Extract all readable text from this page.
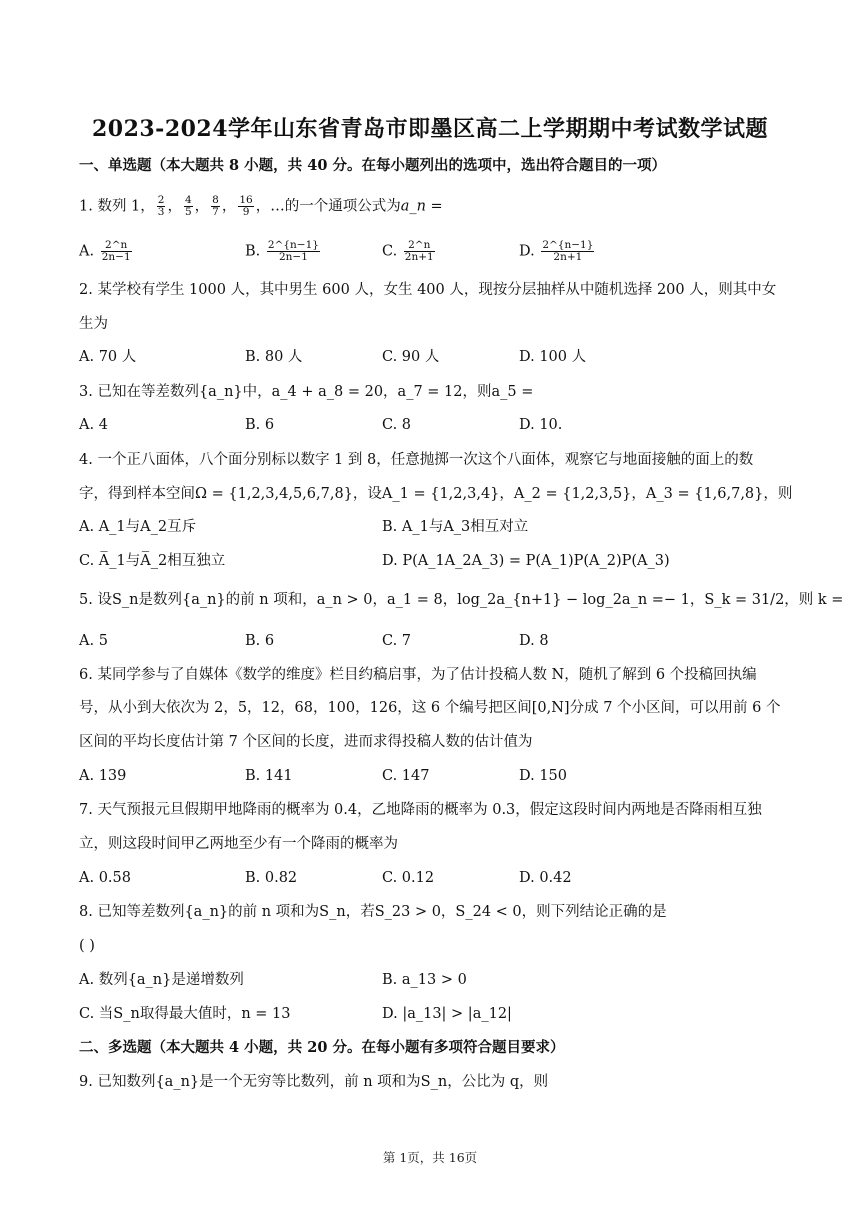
2023-2024学年山东省青岛市即墨区高二上学期期中考试数学试题
一、单选题（本大题共 8 小题，共 40 分。在每小题列出的选项中，选出符合题目的一项）
1. 数列 1， $\frac{2}{3}$ ， $\frac{4}{5}$ ， $\frac{8}{7}$ ， $\frac{16}{9}$ ，…的一个通项公式为a_n =
A. $\frac{2\^{}n}{2n-1}$	B. $\frac{2\^{}\{n-1\}}{2n-1}$	C. $\frac{2\^{}n}{2n+1}$	D. $\frac{2\^{}\{n-1\}}{2n+1}$
2. 某学校有学生 1000 人，其中男生 600 人，女生 400 人，现按分层抽样从中随机选择 200 人，则其中女
生为
A. 70 人	B. 80 人	C. 90 人	D. 100 人
3. 已知在等差数列{a_n}中，a_4 + a_8 = 20，a_7 = 12，则a_5 =
A. 4	B. 6	C. 8	D. 10.
4. 一个正八面体，八个面分别标以数字 1 到 8，任意抛掷一次这个八面体，观察它与地面接触的面上的数
字，得到样本空间Ω = {1,2,3,4,5,6,7,8}，设A_1 = {1,2,3,4}，A_2 = {1,2,3,5}，A_3 = {1,6,7,8}，则
A. A_1与A_2互斥	B. A_1与A_3相互对立
C. A̅_1与A̅_2相互独立	D. P(A_1A_2A_3) = P(A_1)P(A_2)P(A_3)
5. 设S_n是数列{a_n}的前 n 项和，a_n > 0，a_1 = 8，log_2a_{n+1} − log_2a_n =− 1，S_k = 31/2，则 k =
A. 5	B. 6	C. 7	D. 8
6. 某同学参与了自媒体《数学的维度》栏目约稿启事，为了估计投稿人数 N，随机了解到 6 个投稿回执编
号，从小到大依次为 2，5，12，68，100，126，这 6 个编号把区间[0,N]分成 7 个小区间，可以用前 6 个
区间的平均长度估计第 7 个区间的长度，进而求得投稿人数的估计值为
A. 139	B. 141	C. 147	D. 150
7. 天气预报元旦假期甲地降雨的概率为 0.4，乙地降雨的概率为 0.3，假定这段时间内两地是否降雨相互独
立，则这段时间甲乙两地至少有一个降雨的概率为
A. 0.58	B. 0.82	C. 0.12	D. 0.42
8. 已知等差数列{a_n}的前 n 项和为S_n，若S_23 > 0，S_24 < 0，则下列结论正确的是
( )
A. 数列{a_n}是递增数列	B. a_13 > 0
C. 当S_n取得最大值时，n = 13	D. |a_13| > |a_12|
二、多选题（本大题共 4 小题，共 20 分。在每小题有多项符合题目要求）
9. 已知数列{a_n}是一个无穷等比数列，前 n 项和为S_n，公比为 q，则
第 1页，共 16页
